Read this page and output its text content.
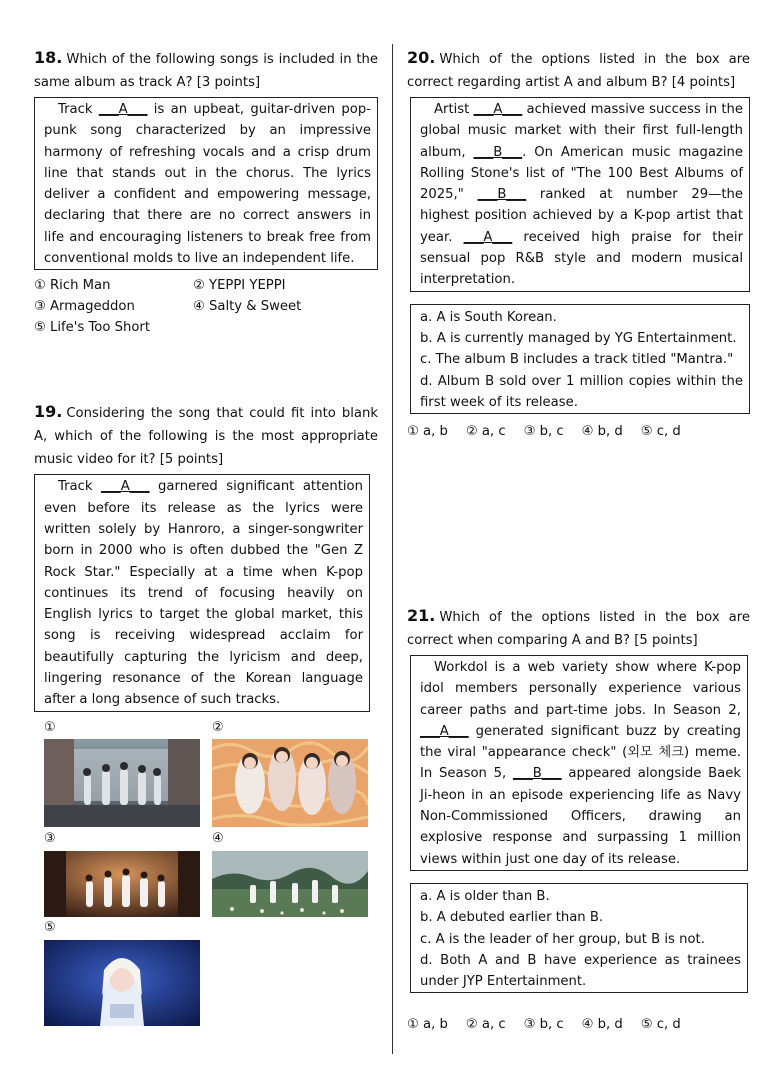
18. Which of the following songs is included in the same album as track A? [3 points]

Track ___A___ is an upbeat, guitar-driven pop-punk song characterized by an impressive harmony of refreshing vocals and a crisp drum line that stands out in the chorus. The lyrics deliver a confident and empowering message, declaring that there are no correct answers in life and encouraging listeners to break free from conventional molds to live an independent life.

① Rich Man	② YEPPI YEPPI
③ Armageddon	④ Salty & Sweet
⑤ Life's Too Short
19. Considering the song that could fit into blank A, which of the following is the most appropriate music video for it? [5 points]

Track ___A___ garnered significant attention even before its release as the lyrics were written solely by Hanroro, a singer-songwriter born in 2000 who is often dubbed the "Gen Z Rock Star." Especially at a time when K-pop continues its trend of focusing heavily on English lyrics to target the global market, this song is receiving widespread acclaim for beautifully capturing the lyricism and deep, lingering resonance of the Korean language after a long absence of such tracks.

①	②
③	④
⑤
20. Which of the options listed in the box are correct regarding artist A and album B? [4 points]

Artist ___A___ achieved massive success in the global music market with their first full-length album, ___B___. On American music magazine Rolling Stone's list of "The 100 Best Albums of 2025," ___B___ ranked at number 29—the highest position achieved by a K-pop artist that year. ___A___ received high praise for their sensual pop R&B style and modern musical interpretation.

a. A is South Korean.
b. A is currently managed by YG Entertainment.
c. The album B includes a track titled "Mantra."
d. Album B sold over 1 million copies within the first week of its release.
① a, b ② a, c ③ b, c ④ b, d ⑤ c, d
21. Which of the options listed in the box are correct when comparing A and B? [5 points]

Workdol is a web variety show where K-pop idol members personally experience various career paths and part-time jobs. In Season 2, ___A___ generated significant buzz by creating the viral "appearance check" (외모 체크) meme. In Season 5, ___B___ appeared alongside Baek Ji-heon in an episode experiencing life as Navy Non-Commissioned Officers, drawing an explosive response and surpassing 1 million views within just one day of its release.

a. A is older than B.
b. A debuted earlier than B.
c. A is the leader of her group, but B is not.
d. Both A and B have experience as trainees under JYP Entertainment.
① a, b ② a, c ③ b, c ④ b, d ⑤ c, d
